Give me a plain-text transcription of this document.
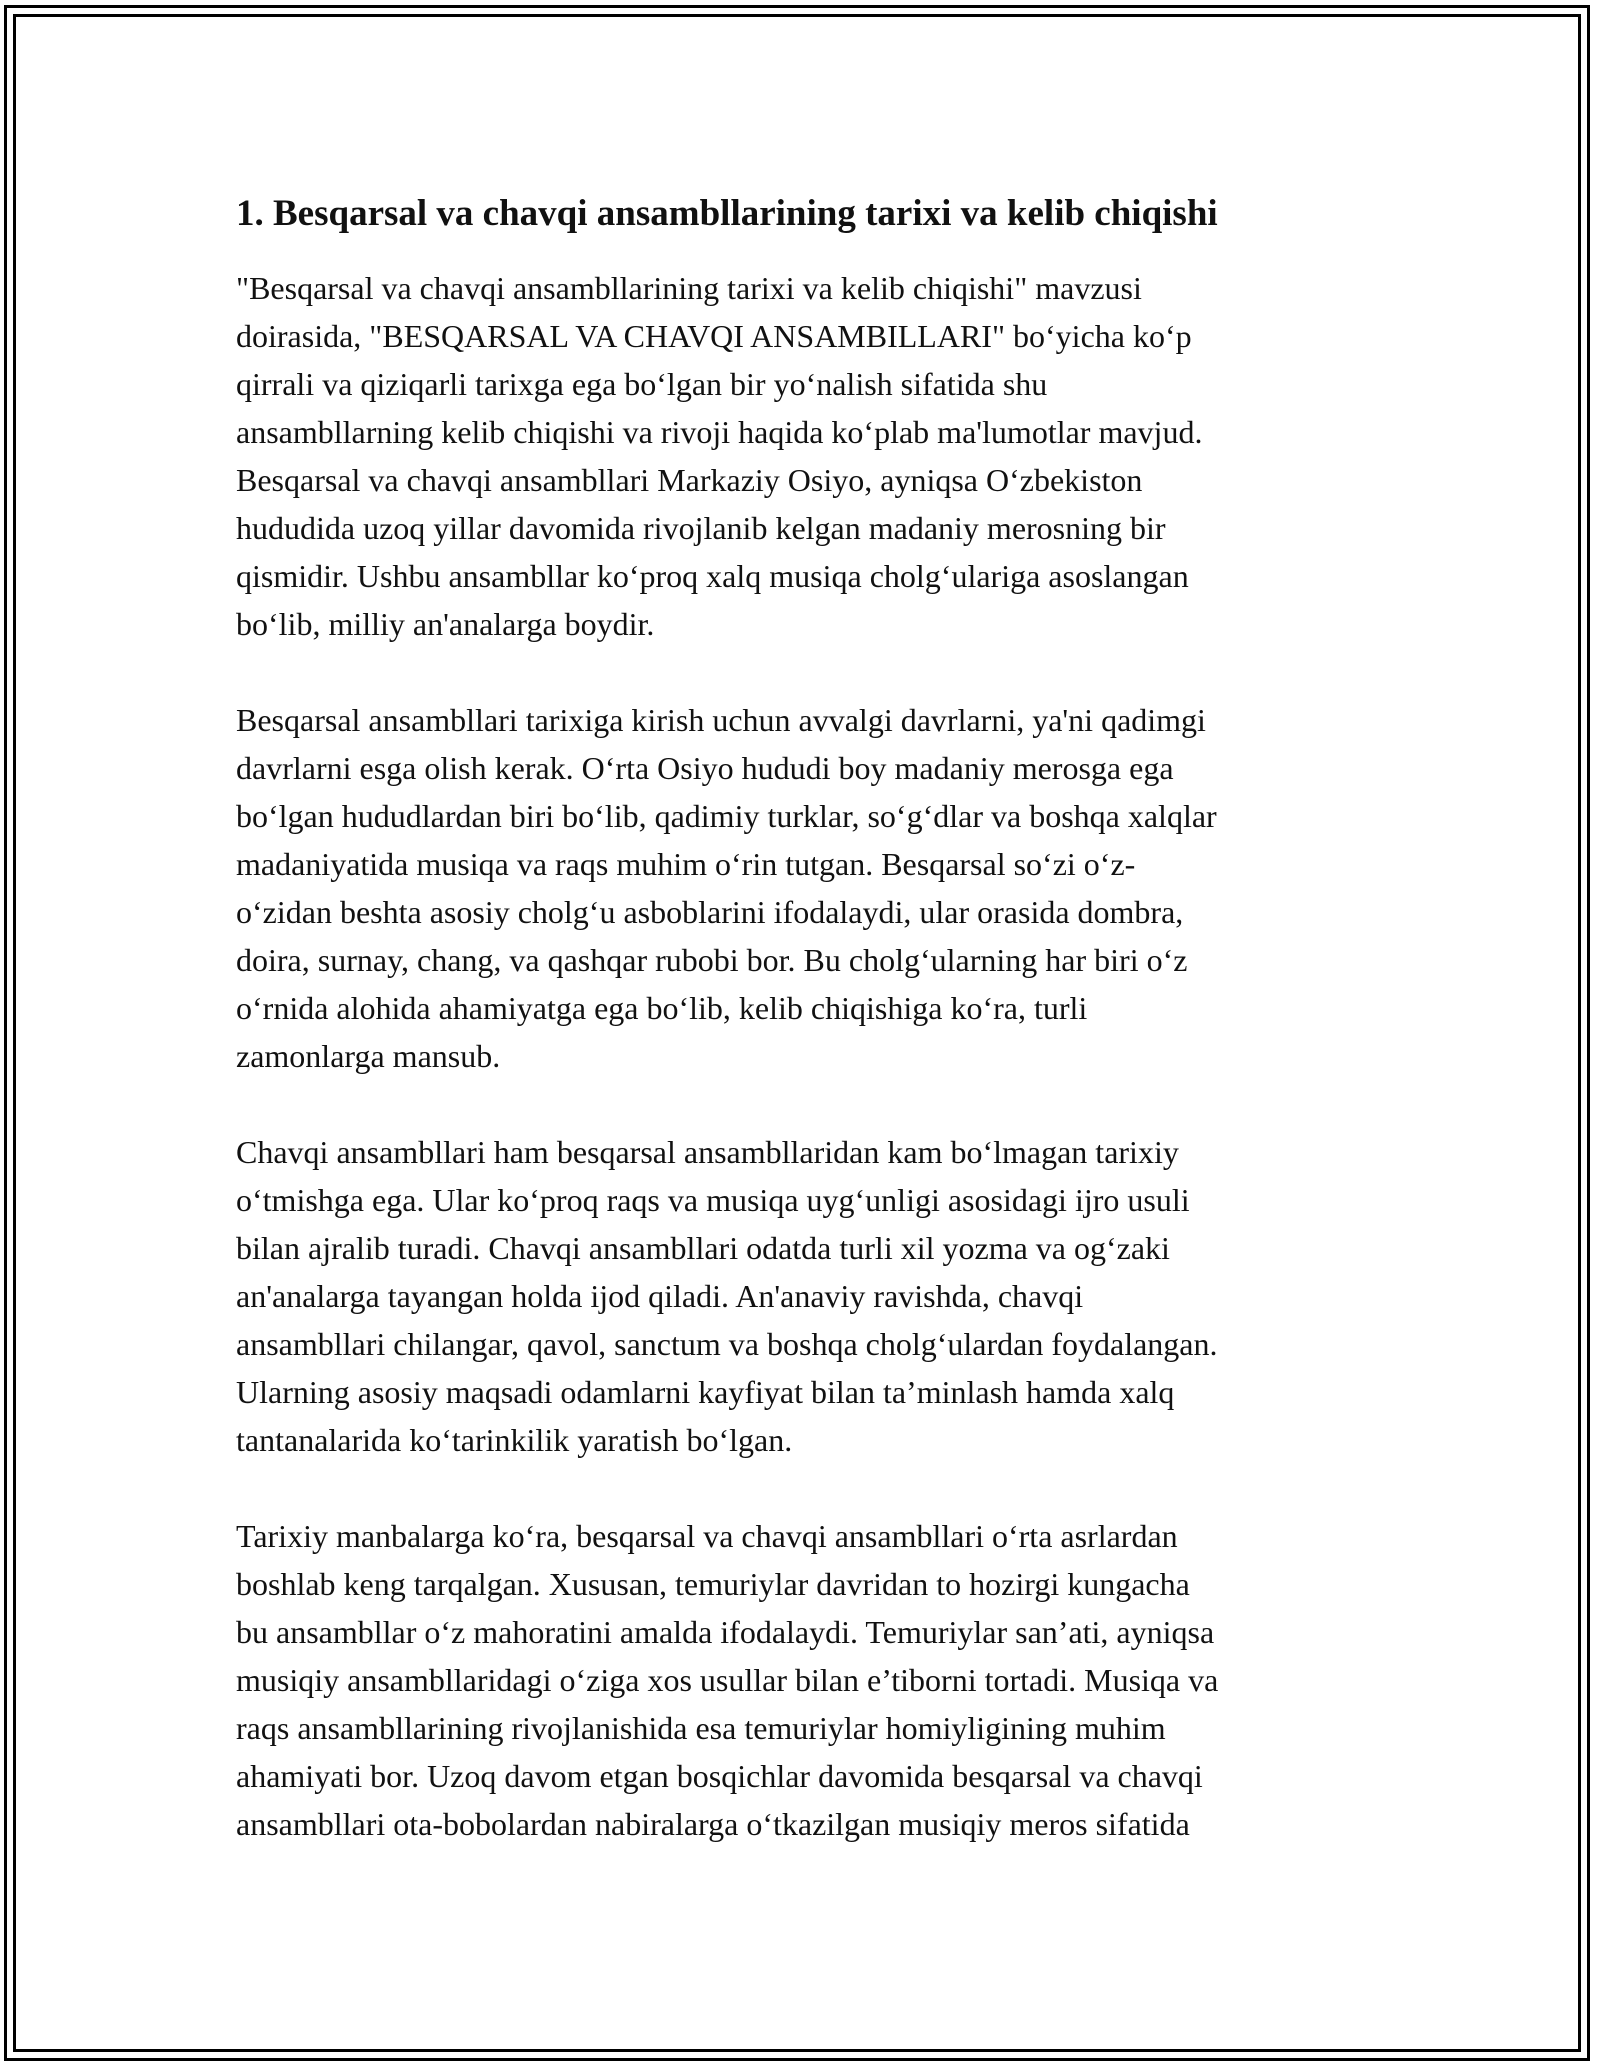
1. Besqarsal va chavqi ansambllarining tarixi va kelib chiqishi

"Besqarsal va chavqi ansambllarining tarixi va kelib chiqishi" mavzusi
doirasida, "BESQARSAL VA CHAVQI ANSAMBILLARI" bo‘yicha ko‘p
qirrali va qiziqarli tarixga ega bo‘lgan bir yo‘nalish sifatida shu
ansambllarning kelib chiqishi va rivoji haqida ko‘plab ma'lumotlar mavjud.
Besqarsal va chavqi ansambllari Markaziy Osiyo, ayniqsa O‘zbekiston
hududida uzoq yillar davomida rivojlanib kelgan madaniy merosning bir
qismidir. Ushbu ansambllar ko‘proq xalq musiqa cholg‘ulariga asoslangan
bo‘lib, milliy an'analarga boydir.

Besqarsal ansambllari tarixiga kirish uchun avvalgi davrlarni, ya'ni qadimgi
davrlarni esga olish kerak. O‘rta Osiyo hududi boy madaniy merosga ega
bo‘lgan hududlardan biri bo‘lib, qadimiy turklar, so‘g‘dlar va boshqa xalqlar
madaniyatida musiqa va raqs muhim o‘rin tutgan. Besqarsal so‘zi o‘z-
o‘zidan beshta asosiy cholg‘u asboblarini ifodalaydi, ular orasida dombra,
doira, surnay, chang, va qashqar rubobi bor. Bu cholg‘ularning har biri o‘z
o‘rnida alohida ahamiyatga ega bo‘lib, kelib chiqishiga ko‘ra, turli
zamonlarga mansub.

Chavqi ansambllari ham besqarsal ansambllaridan kam bo‘lmagan tarixiy
o‘tmishga ega. Ular ko‘proq raqs va musiqa uyg‘unligi asosidagi ijro usuli
bilan ajralib turadi. Chavqi ansambllari odatda turli xil yozma va og‘zaki
an'analarga tayangan holda ijod qiladi. An'anaviy ravishda, chavqi
ansambllari chilangar, qavol, sanctum va boshqa cholg‘ulardan foydalangan.
Ularning asosiy maqsadi odamlarni kayfiyat bilan ta’minlash hamda xalq
tantanalarida ko‘tarinkilik yaratish bo‘lgan.

Tarixiy manbalarga ko‘ra, besqarsal va chavqi ansambllari o‘rta asrlardan
boshlab keng tarqalgan. Xususan, temuriylar davridan to hozirgi kungacha
bu ansambllar o‘z mahoratini amalda ifodalaydi. Temuriylar san’ati, ayniqsa
musiqiy ansambllaridagi o‘ziga xos usullar bilan e’tiborni tortadi. Musiqa va
raqs ansambllarining rivojlanishida esa temuriylar homiyligining muhim
ahamiyati bor. Uzoq davom etgan bosqichlar davomida besqarsal va chavqi
ansambllari ota-bobolardan nabiralarga o‘tkazilgan musiqiy meros sifatida
